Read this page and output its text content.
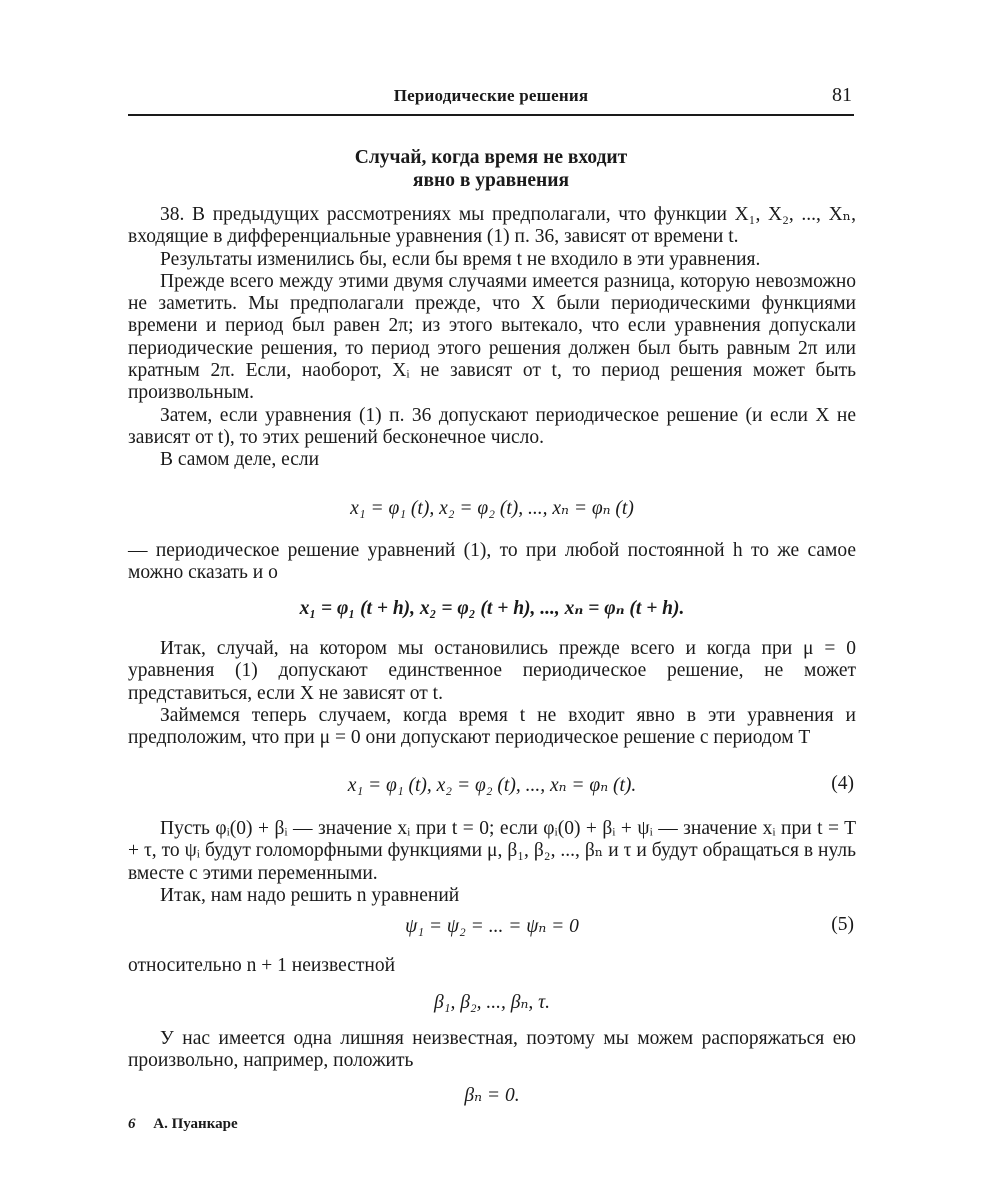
Периодические решения	81
Случай, когда время не входит
явно в уравнения

38. В предыдущих рассмотрениях мы предполагали, что функции X₁, X₂, ..., Xₙ, входящие в дифференциальные уравнения (1) п. 36, зависят от времени t.

Результаты изменились бы, если бы время t не входило в эти уравнения.

Прежде всего между этими двумя случаями имеется разница, которую невозможно не заметить. Мы предполагали прежде, что X были периодическими функциями времени и период был равен 2π; из этого вытекало, что если уравнения допускали периодические решения, то период этого решения должен был быть равным 2π или кратным 2π. Если, наоборот, Xᵢ не зависят от t, то период решения может быть произвольным.

Затем, если уравнения (1) п. 36 допускают периодическое решение (и если X не зависят от t), то этих решений бесконечное число.

В самом деле, если

x₁ = φ₁ (t), x₂ = φ₂ (t), ..., xₙ = φₙ (t)

— периодическое решение уравнений (1), то при любой постоянной h то же самое можно сказать и о

x₁ = φ₁ (t + h), x₂ = φ₂ (t + h), ..., xₙ = φₙ (t + h).

Итак, случай, на котором мы остановились прежде всего и когда при μ = 0 уравнения (1) допускают единственное периодическое решение, не может представиться, если X не зависят от t.

Займемся теперь случаем, когда время t не входит явно в эти уравнения и предположим, что при μ = 0 они допускают периодическое решение с периодом T

x₁ = φ₁ (t), x₂ = φ₂ (t), ..., xₙ = φₙ (t).	(4)

Пусть φᵢ(0) + βᵢ — значение xᵢ при t = 0; если φᵢ(0) + βᵢ + ψᵢ — значение xᵢ при t = T + τ, то ψᵢ будут голоморфными функциями μ, β₁, β₂, ..., βₙ и τ и будут обращаться в нуль вместе с этими переменными.

Итак, нам надо решить n уравнений

ψ₁ = ψ₂ = ... = ψₙ = 0	(5)

относительно n + 1 неизвестной

β₁, β₂, ..., βₙ, τ.

У нас имеется одна лишняя неизвестная, поэтому мы можем распоряжаться ею произвольно, например, положить

βₙ = 0.
6 А. Пуанкаре
